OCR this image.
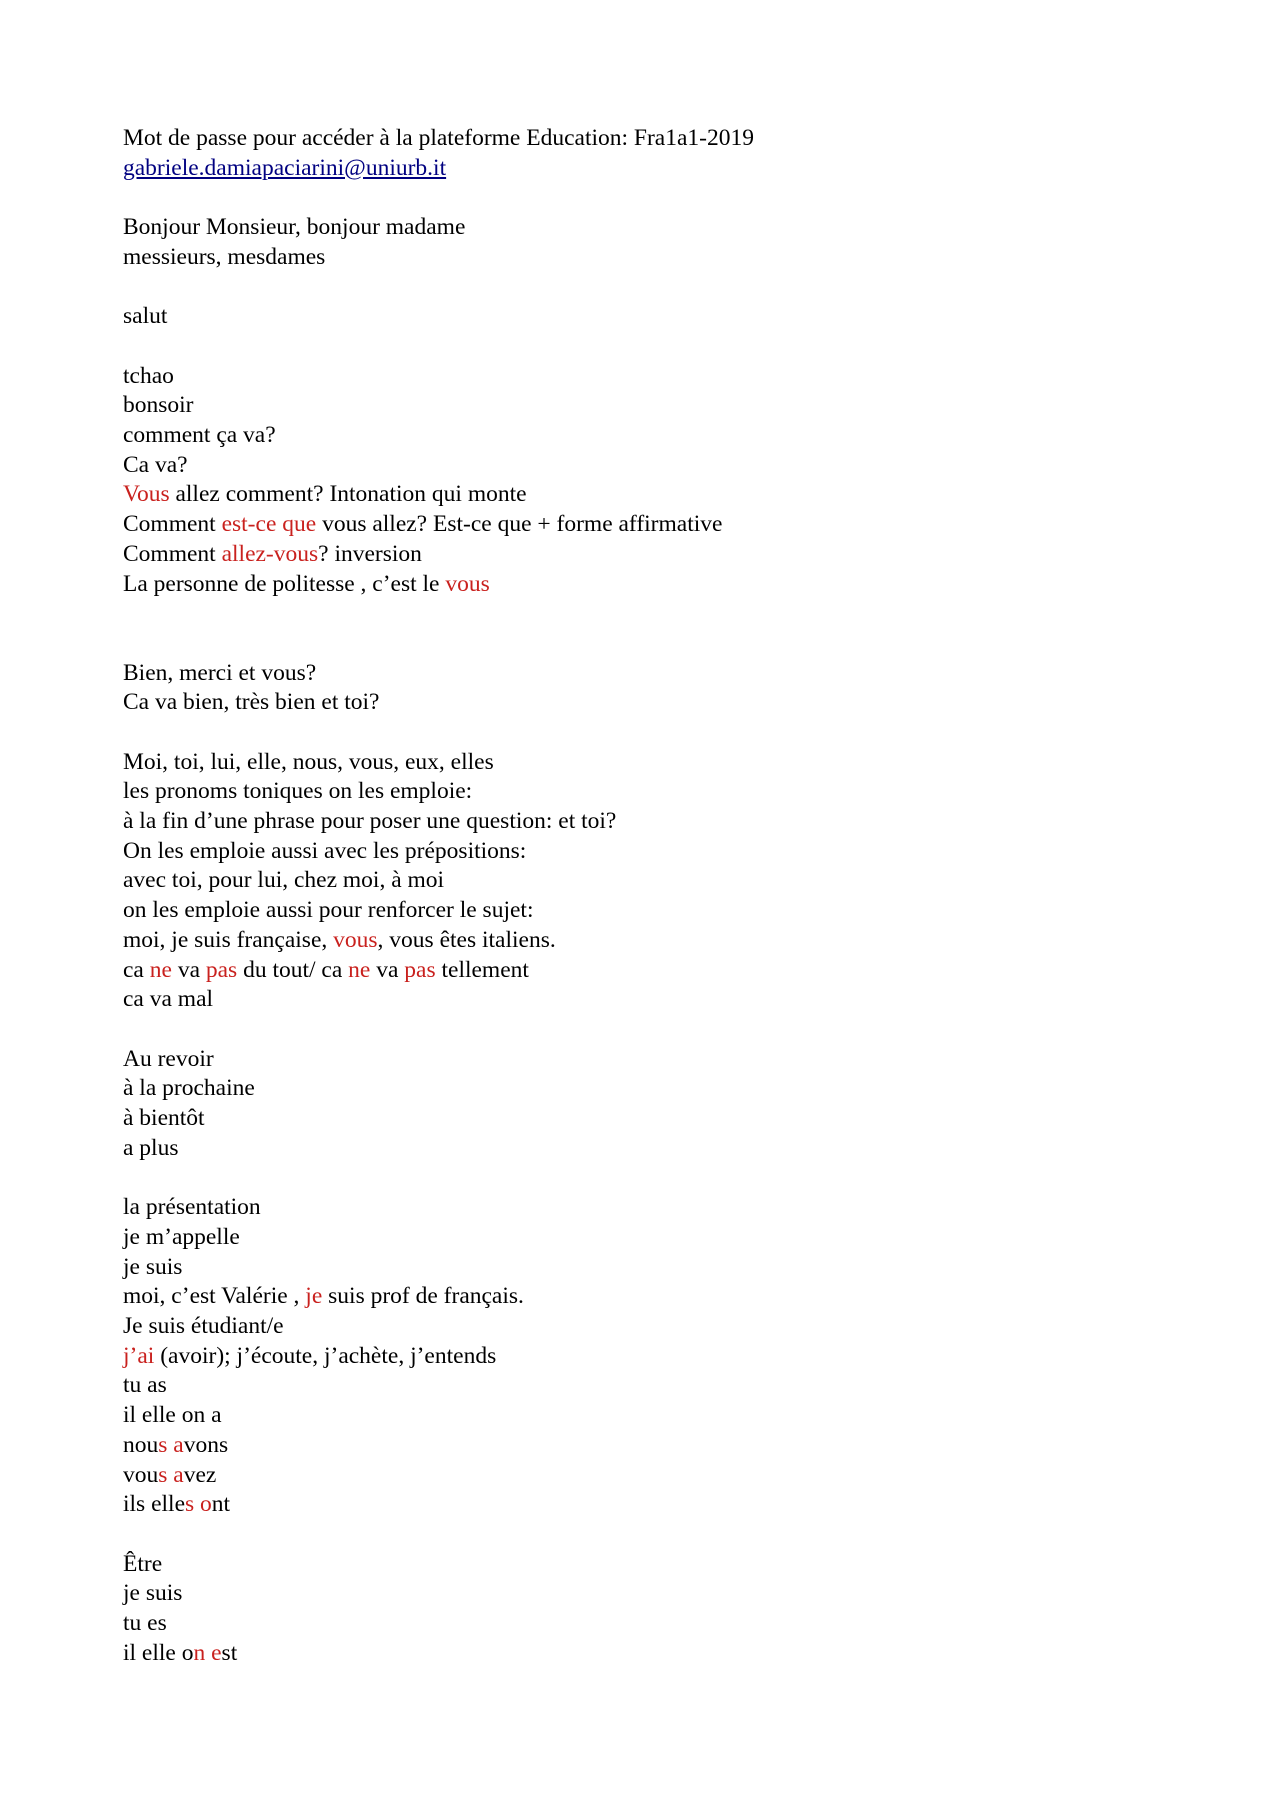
Mot de passe pour accéder à la plateforme Education: Fra1a1-2019
gabriele.damiapaciarini@uniurb.it
Bonjour Monsieur, bonjour madame
messieurs, mesdames
salut
tchao
bonsoir
comment ça va?
Ca va?
Vous allez comment? Intonation qui monte
Comment est-ce que vous allez? Est-ce que + forme affirmative
Comment allez-vous? inversion
La personne de politesse , c’est le vous
Bien, merci et vous?
Ca va bien, très bien et toi?
Moi, toi, lui, elle, nous, vous, eux, elles
les pronoms toniques on les emploie:
à la fin d’une phrase pour poser une question: et toi?
On les emploie aussi avec les prépositions:
avec toi, pour lui, chez moi, à moi
on les emploie aussi pour renforcer le sujet:
moi, je suis française, vous, vous êtes italiens.
ca ne va pas du tout/ ca ne va pas tellement
ca va mal
Au revoir
à la prochaine
à bientôt
a plus
la présentation
je m’appelle
je suis
moi, c’est Valérie , je suis prof de français.
Je suis étudiant/e
j’ai (avoir); j’écoute, j’achète, j’entends
tu as
il elle on a
nous avons
vous avez
ils elles ont
Être
je suis
tu es
il elle on est
